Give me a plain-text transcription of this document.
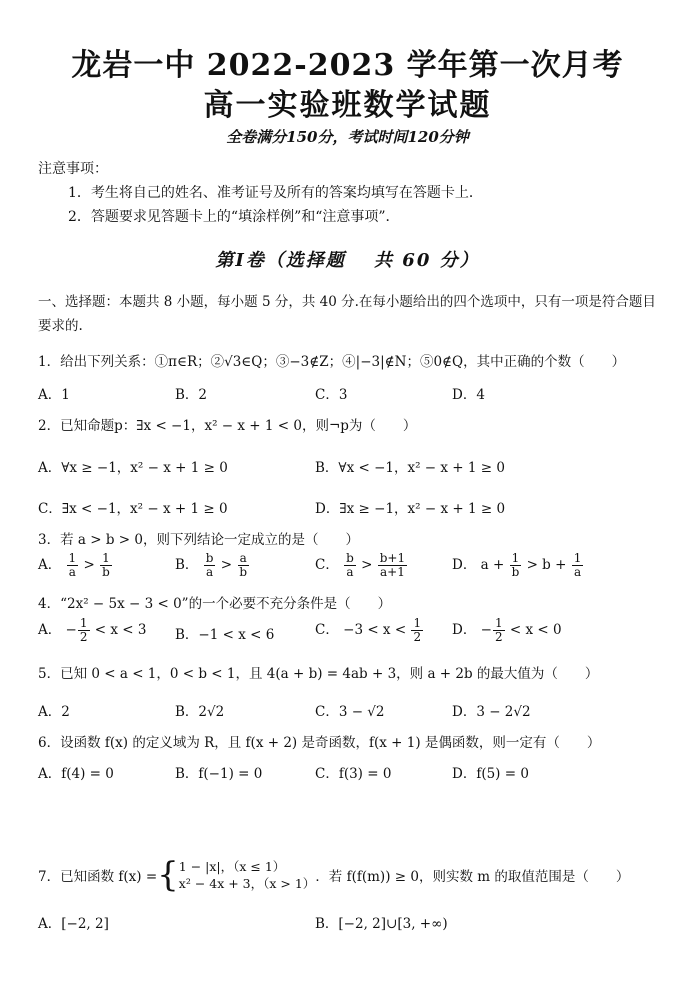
龙岩一中 2022-2023 学年第一次月考
高一实验班数学试题
全卷满分150分，考试时间120分钟
注意事项：
1．考生将自己的姓名、准考证号及所有的答案均填写在答题卡上．
2．答题要求见答题卡上的“填涂样例”和“注意事项”．
第Ⅰ卷（选择题　 共 60 分）
一、选择题：本题共 8 小题，每小题 5 分，共 40 分.在每小题给出的四个选项中，只有一项是符合题目要求的.
1．给出下列关系：①π∈R；②√3∈Q；③−3∉Z；④|−3|∉N；⑤0∉Q，其中正确的个数（　　）
A．1	B．2	C．3	D．4
2．已知命题p：∃x < −1，x² − x + 1 < 0，则¬p为（　　）
A．∀x ≥ −1，x² − x + 1 ≥ 0	B．∀x < −1，x² − x + 1 ≥ 0
C．∃x < −1，x² − x + 1 ≥ 0	D．∃x ≥ −1，x² − x + 1 ≥ 0
3．若 a > b > 0，则下列结论一定成立的是（　　）
A． $\frac{1}{a} > \frac{1}{b}$	B． $\frac{b}{a} > \frac{a}{b}$	C． $\frac{b}{a} > \frac{b+1}{a+1}$	D． $a + \frac{1}{b} > b + \frac{1}{a}$
4．“2x² − 5x − 3 < 0”的一个必要不充分条件是（　　）
A． − $\frac{1}{2} < x < 3$ B．−1 < x < 6	C． $-3 < x < \frac{1}{2}$ D． − $\frac{1}{2} < x < 0$
5．已知 0 < a < 1，0 < b < 1，且 4(a + b) = 4ab + 3，则 a + 2b 的最大值为（　　）
A．2	B．2√2	C．3 − √2	D．3 − 2√2
6．设函数 f(x) 的定义域为 R，且 f(x + 2) 是奇函数，f(x + 1) 是偶函数，则一定有（　　）
A．f(4) = 0	B．f(−1) = 0	C．f(3) = 0	D．f(5) = 0
7．已知函数 f(x) = { 1 − |x|，（x ≤ 1）
x² − 4x + 3，（x > 1） ．若 f(f(m)) ≥ 0，则实数 m 的取值范围是（　　）
A．[−2, 2]	B．[−2, 2]∪[3, +∞)
